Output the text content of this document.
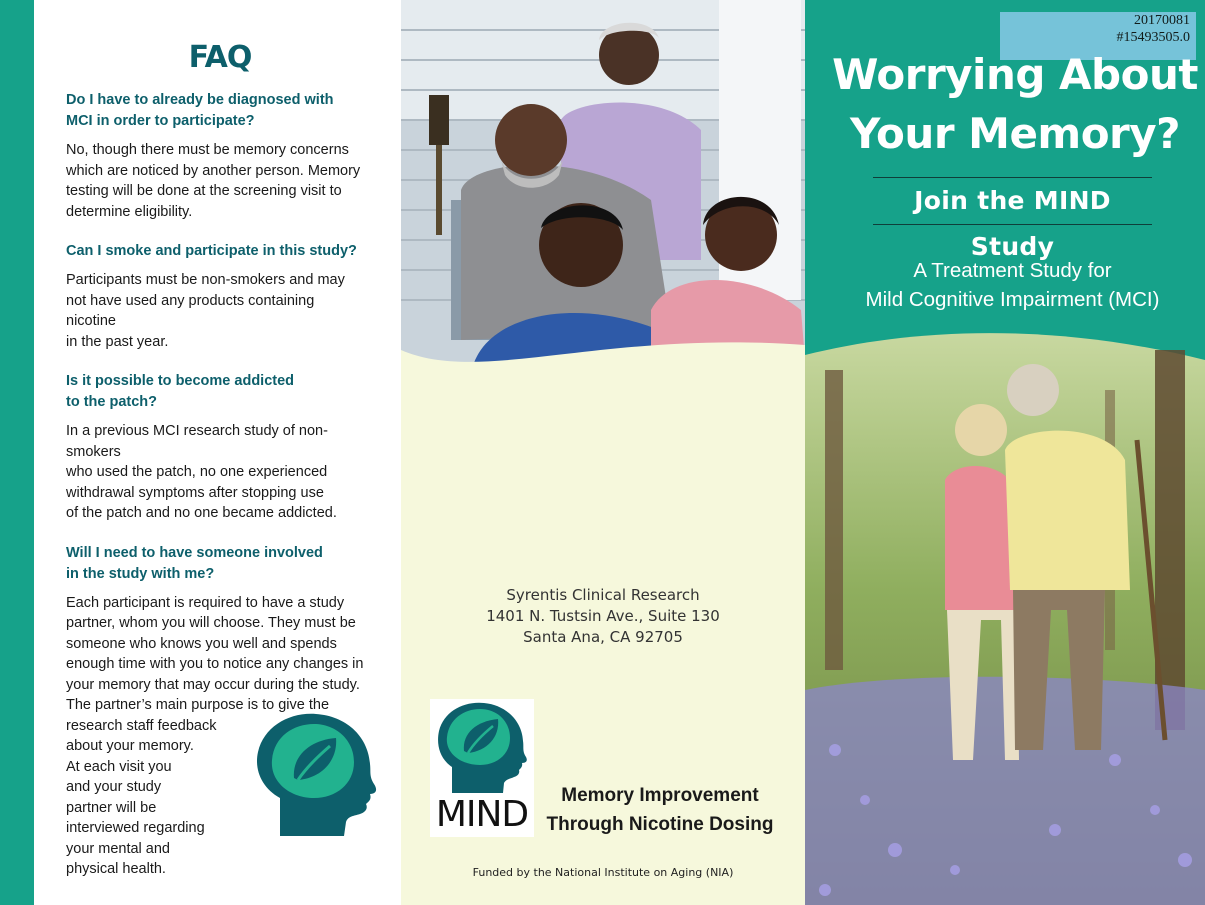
FAQ
Do I have to already be diagnosed with
MCI in order to participate?
No, though there must be memory concerns
which are noticed by another person. Memory
testing will be done at the screening visit to
determine eligibility.
Can I smoke and participate in this study?
Participants must be non-smokers and may
not have used any products containing nicotine
in the past year.
Is it possible to become addicted
to the patch?
In a previous MCI research study of non-smokers
who used the patch, no one experienced
withdrawal symptoms after stopping use
of the patch and no one became addicted.
Will I need to have someone involved
in the study with me?
Each participant is required to have a study
partner, whom you will choose. They must be
someone who knows you well and spends
enough time with you to notice any changes in
your memory that may occur during the study.
The partner’s main purpose is to give the
research staff feedback
about your memory.
At each visit you
and your study
partner will be
interviewed regarding
your mental and
physical health.
Syrentis Clinical Research
1401 N. Tustsin Ave., Suite 130
Santa Ana, CA 92705
MIND	Memory Improvement
Through Nicotine Dosing

Funded by the National Institute on Aging (NIA)

20170081
#15493505.0
Worrying About
Your Memory?
Join the MIND Study
A Treatment Study for
Mild Cognitive Impairment (MCI)
